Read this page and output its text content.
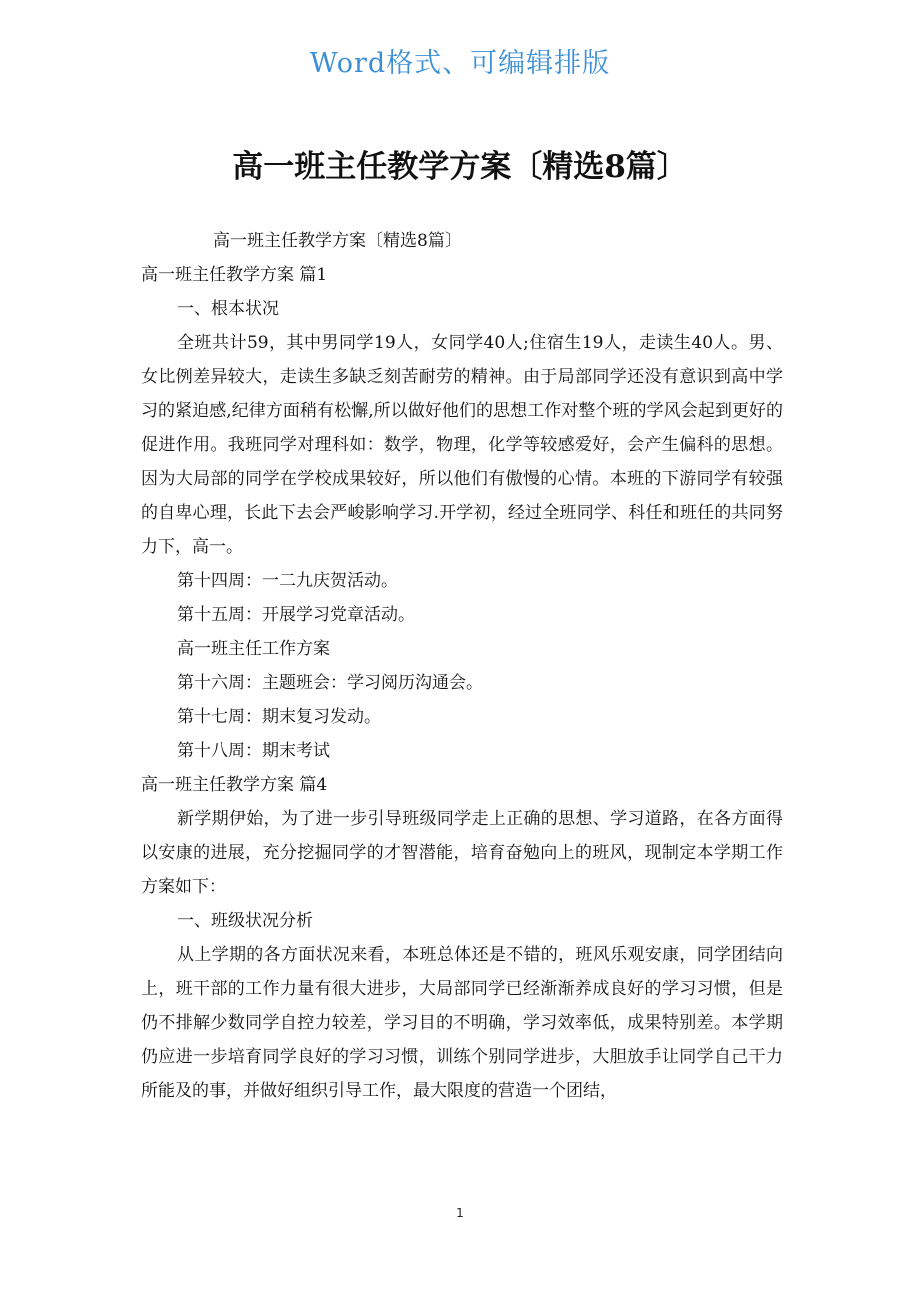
Word格式、可编辑排版
高一班主任教学方案〔精选8篇〕

高一班主任教学方案〔精选8篇〕

高一班主任教学方案 篇1

一、根本状况

全班共计59，其中男同学19人，女同学40人;住宿生19人，走读生40人。男、女比例差异较大，走读生多缺乏刻苦耐劳的精神。由于局部同学还没有意识到高中学习的紧迫感,纪律方面稍有松懈,所以做好他们的思想工作对整个班的学风会起到更好的促进作用。我班同学对理科如：数学，物理，化学等较感爱好，会产生偏科的思想。因为大局部的同学在学校成果较好，所以他们有傲慢的心情。本班的下游同学有较强的自卑心理，长此下去会严峻影响学习.开学初，经过全班同学、科任和班任的共同努力下，高一。

第十四周：一二九庆贺活动。

第十五周：开展学习党章活动。

高一班主任工作方案

第十六周：主题班会：学习阅历沟通会。

第十七周：期末复习发动。

第十八周：期末考试

高一班主任教学方案 篇4

新学期伊始，为了进一步引导班级同学走上正确的思想、学习道路，在各方面得以安康的进展，充分挖掘同学的才智潜能，培育奋勉向上的班风，现制定本学期工作方案如下：

一、班级状况分析

从上学期的各方面状况来看，本班总体还是不错的，班风乐观安康，同学团结向上，班干部的工作力量有很大进步，大局部同学已经渐渐养成良好的学习习惯，但是仍不排解少数同学自控力较差，学习目的不明确，学习效率低，成果特别差。本学期仍应进一步培育同学良好的学习习惯，训练个别同学进步，大胆放手让同学自己干力所能及的事，并做好组织引导工作，最大限度的营造一个团结，

1
